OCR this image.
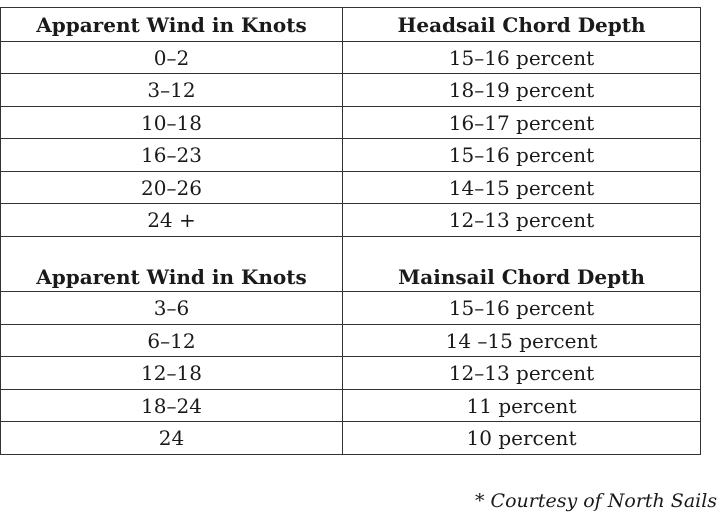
Apparent Wind in Knots	Headsail Chord Depth
0–2	15–16 percent
3–12	18–19 percent
10–18	16–17 percent
16–23	15–16 percent
20–26	14–15 percent
24 +	12–13 percent
Apparent Wind in Knots	Mainsail Chord Depth
3–6	15–16 percent
6–12	14 –15 percent
12–18	12–13 percent
18–24	11 percent
24	10 percent
* Courtesy of North Sails
